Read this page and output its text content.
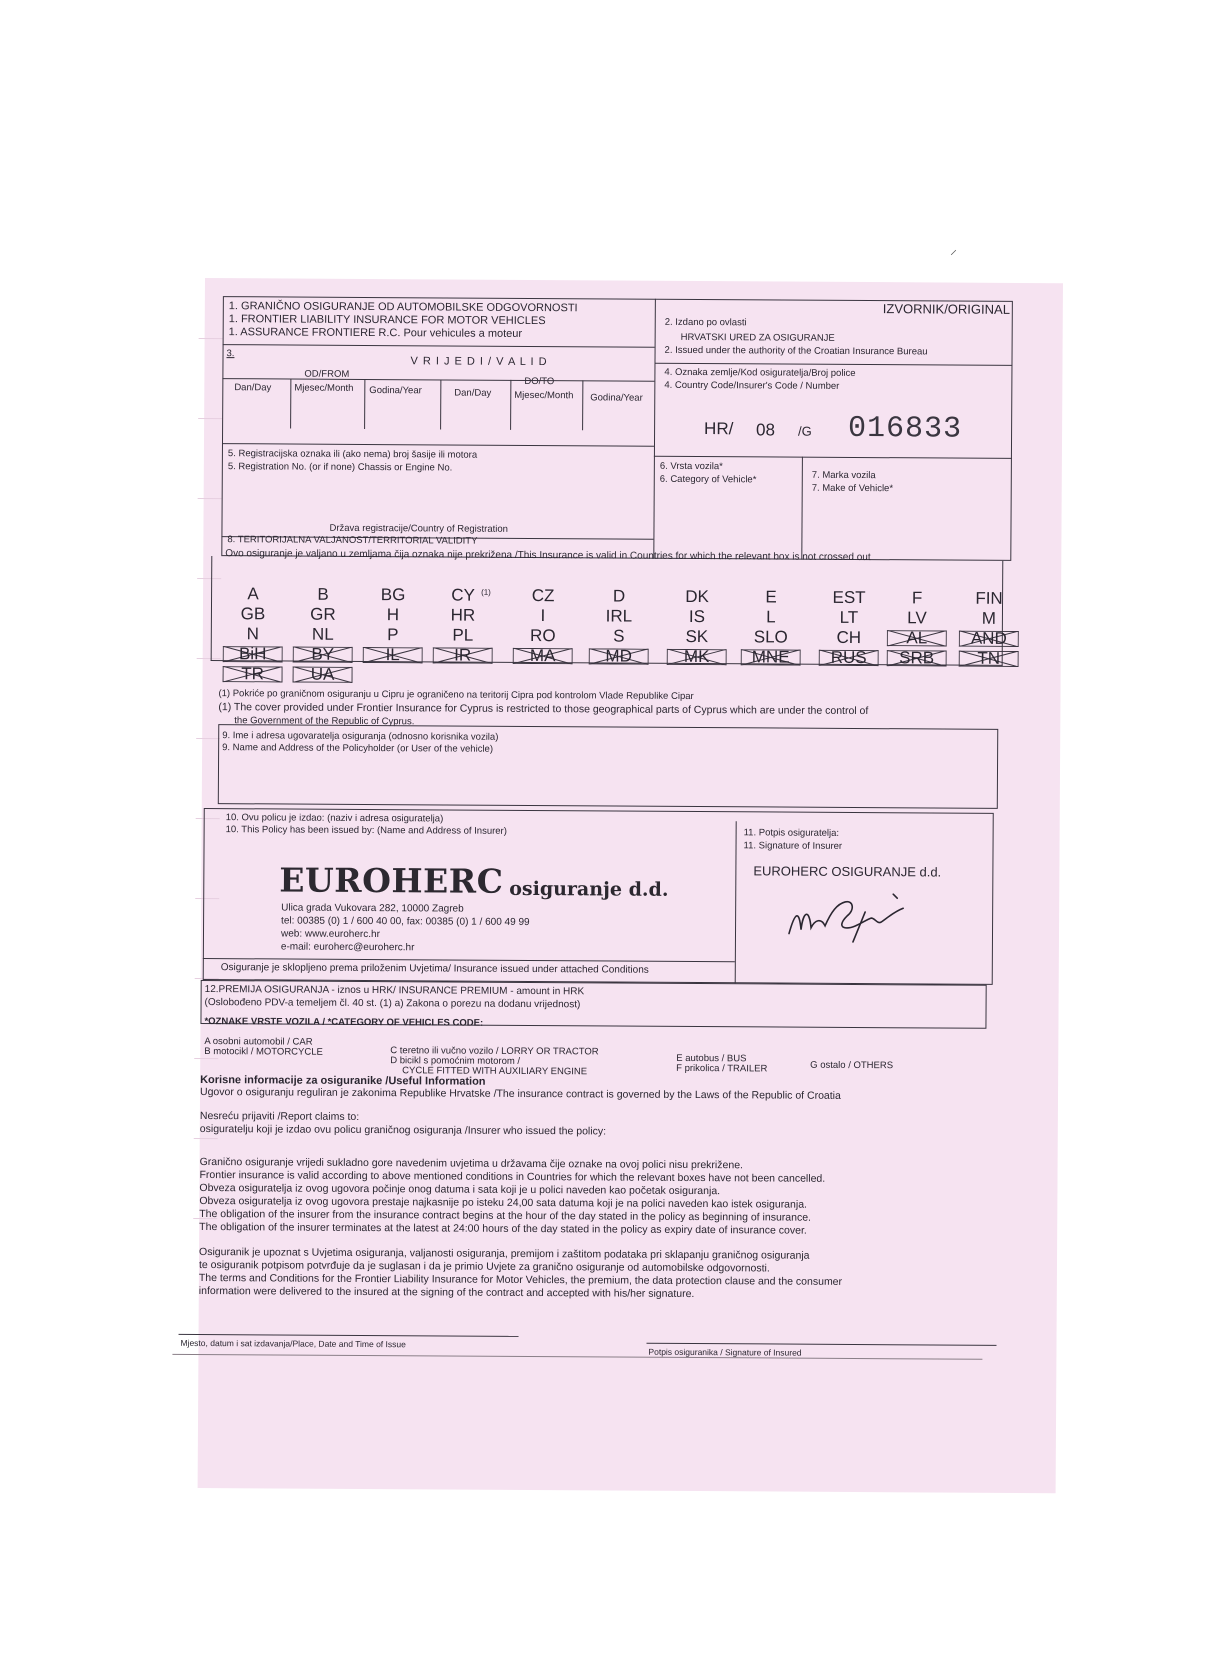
⸝
IZVORNIK/ORIGINAL
1. GRANIČNO OSIGURANJE OD AUTOMOBILSKE ODGOVORNOSTI
1. FRONTIER LIABILITY INSURANCE FOR MOTOR VEHICLES
1. ASSURANCE FRONTIERE R.C. Pour vehicules a moteur
2. Izdano po ovlasti
HRVATSKI URED ZA OSIGURANJE
2. Issued under the authority of the Croatian Insurance Bureau
3.
V R I J E D I / V A L I D
OD/FROM
DO/TO
Dan/Day Mjesec/Month Godina/Year	Dan/Day Mjesec/Month Godina/Year
4. Oznaka zemlje/Kod osiguratelja/Broj police
4. Country Code/Insurer's Code / Number
HR/ 08 /G 016833
5. Registracijska oznaka ili (ako nema) broj šasije ili motora
5. Registration No. (or if none) Chassis or Engine No.	6. Vrsta vozila*
6. Category of Vehicle*	7. Marka vozila
7. Make of Vehicle*
Država registracije/Country of Registration
8. TERITORIJALNA VALJANOST/TERRITORIAL VALIDITY
Ovo osiguranje je valjano u zemljama čija oznaka nije prekrižena /This Insurance is valid in Countries for which the relevant box is not crossed out
A	B	BG	CY (1)	CZ	D	DK	E	EST	F	FIN
GB	GR	H	HR	I	IRL	IS	L	LT	LV	M
N	NL	P	PL	RO	S	SK	SLO	CH	AL	AND
BiH	BY	IL	IR	MA	MD	MK	MNE	RUS	SRB	TN
TR	UA
(1) Pokriće po graničnom osiguranju u Cipru je ograničeno na teritorij Cipra pod kontrolom Vlade Republike Cipar
(1) The cover provided under Frontier Insurance for Cyprus is restricted to those geographical parts of Cyprus which are under the control of
the Government of the Republic of Cyprus.
9. Ime i adresa ugovaratelja osiguranja (odnosno korisnika vozila)
9. Name and Address of the Policyholder (or User of the vehicle)
10. Ovu policu je izdao: (naziv i adresa osiguratelja)
10. This Policy has been issued by: (Name and Address of Insurer)
EUROHERC osiguranje d.d.
Ulica grada Vukovara 282, 10000 Zagreb
tel: 00385 (0) 1 / 600 40 00, fax: 00385 (0) 1 / 600 49 99
web: www.euroherc.hr
e-mail: euroherc@euroherc.hr
Osiguranje je sklopljeno prema priloženim Uvjetima/ Insurance issued under attached Conditions
11. Potpis osiguratelja:
11. Signature of Insurer
EUROHERC OSIGURANJE d.d.
12.PREMIJA OSIGURANJA - iznos u HRK/ INSURANCE PREMIUM - amount in HRK
(Oslobođeno PDV-a temeljem čl. 40 st. (1) a) Zakona o porezu na dodanu vrijednost)
*OZNAKE VRSTE VOZILA / *CATEGORY OF VEHICLES CODE:
A osobni automobil / CAR
B motocikl / MOTORCYCLE	C teretno ili vučno vozilo / LORRY OR TRACTOR
D bicikl s pomoćnim motorom /
CYCLE FITTED WITH AUXILIARY ENGINE
E autobus / BUS
F prikolica / TRAILER	G ostalo / OTHERS
Korisne informacije za osiguranike /Useful Information
Ugovor o osiguranju reguliran je zakonima Republike Hrvatske /The insurance contract is governed by the Laws of the Republic of Croatia
Nesreću prijaviti /Report claims to:
osiguratelju koji je izdao ovu policu graničnog osiguranja /Insurer who issued the policy:
Granično osiguranje vrijedi sukladno gore navedenim uvjetima u državama čije oznake na ovoj polici nisu prekrižene.
Frontier insurance is valid according to above mentioned conditions in Countries for which the relevant boxes have not been cancelled.
Obveza osiguratelja iz ovog ugovora počinje onog datuma i sata koji je u polici naveden kao početak osiguranja.
Obveza osiguratelja iz ovog ugovora prestaje najkasnije po isteku 24,00 sata datuma koji je na polici naveden kao istek osiguranja.
The obligation of the insurer from the insurance contract begins at the hour of the day stated in the policy as beginning of insurance.
The obligation of the insurer terminates at the latest at 24:00 hours of the day stated in the policy as expiry date of insurance cover.
Osiguranik je upoznat s Uvjetima osiguranja, valjanosti osiguranja, premijom i zaštitom podataka pri sklapanju graničnog osiguranja
te osiguranik potpisom potvrđuje da je suglasan i da je primio Uvjete za granično osiguranje od automobilske odgovornosti.
The terms and Conditions for the Frontier Liability Insurance for Motor Vehicles, the premium, the data protection clause and the consumer
information were delivered to the insured at the signing of the contract and accepted with his/her signature.
Mjesto, datum i sat izdavanja/Place, Date and Time of Issue
Potpis osiguranika / Signature of Insured
